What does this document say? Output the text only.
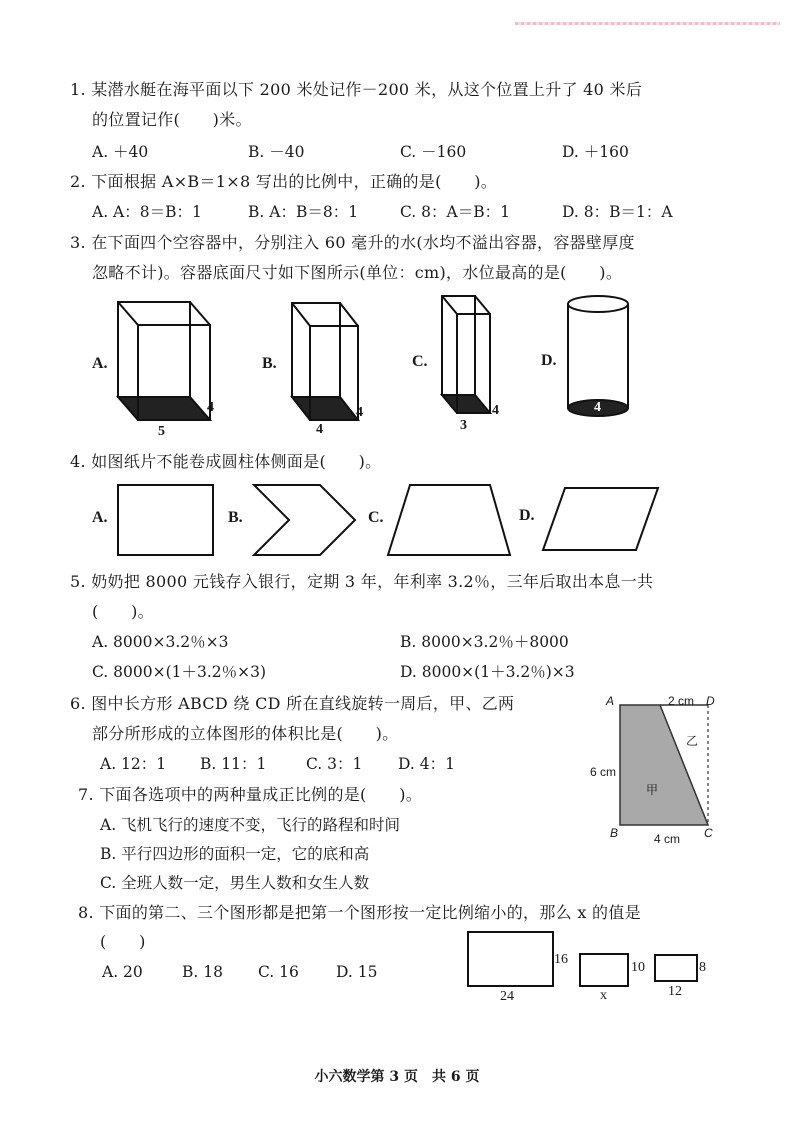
1. 某潜水艇在海平面以下 200 米处记作－200 米，从这个位置上升了 40 米后
的位置记作(　　)米。
A. ＋40	B. －40	C. －160	D. ＋160
2. 下面根据 A×B＝1×8 写出的比例中，正确的是(　　)。
A. A：8＝B：1	B. A：B＝8：1	C. 8：A＝B：1	D. 8：B＝1：A
3. 在下面四个空容器中，分别注入 60 毫升的水(水均不溢出容器，容器壁厚度
忽略不计)。容器底面尺寸如下图所示(单位：cm)，水位最高的是(　　)。
A.
4
5
B.
4
4
C.
4
3
D.
4
4. 如图纸片不能卷成圆柱体侧面是(　　)。
A.	B.	C.	D.
5. 奶奶把 8000 元钱存入银行，定期 3 年，年利率 3.2％，三年后取出本息一共
(　　)。
A. 8000×3.2％×3	B. 8000×3.2％＋8000
C. 8000×(1＋3.2％×3)	D. 8000×(1＋3.2％)×3
6. 图中长方形 ABCD 绕 CD 所在直线旋转一周后，甲、乙两
部分所形成的立体图形的体积比是(　　)。
A. 12：1 B. 11：1	C. 3：1 D. 4：1
A	2 cm D
6 cm
乙
甲
B	4 cm C
7. 下面各选项中的两种量成正比例的是(　　)。
A. 飞机飞行的速度不变，飞行的路程和时间
B. 平行四边形的面积一定，它的底和高
C. 全班人数一定，男生人数和女生人数
8. 下面的第二、三个图形都是把第一个图形按一定比例缩小的，那么 x 的值是
(　　)
A. 20	B. 18 C. 16 D. 15
16
24
10
x
8
12
小六数学第 3 页　共 6 页
